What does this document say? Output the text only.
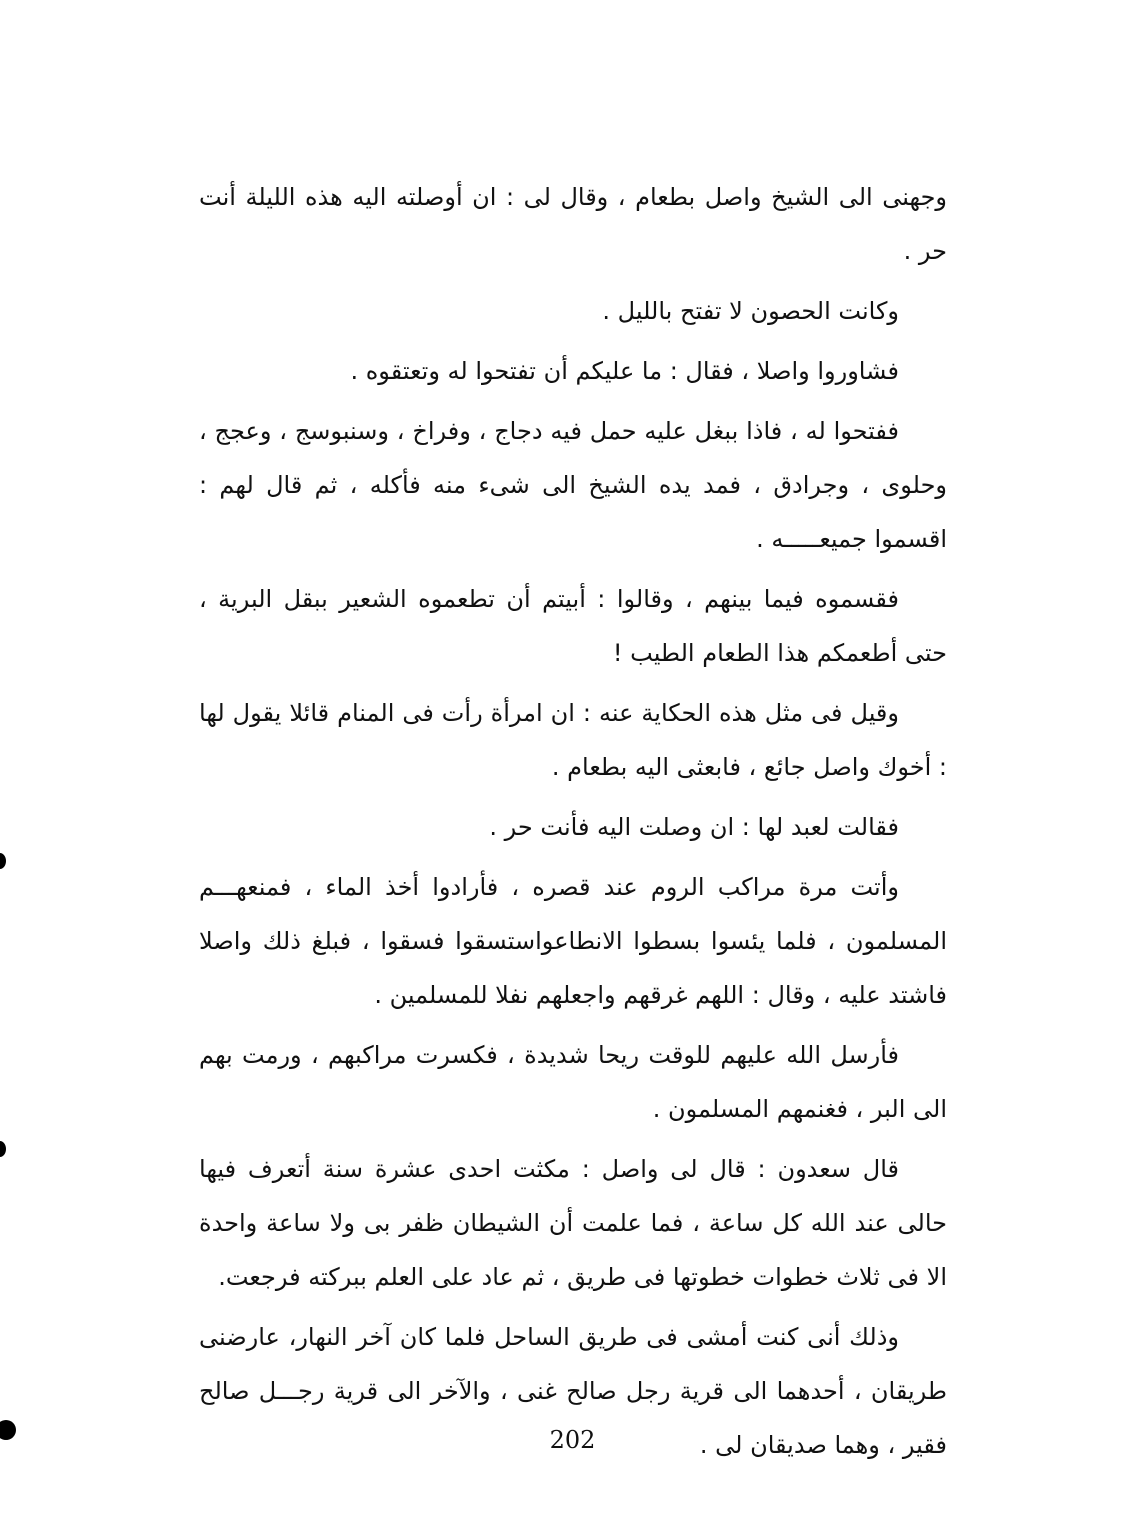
وجهنى الى الشيخ واصل بطعام ، وقال لى : ان أوصلته اليه هذه الليلة أنت حر .

وكانت الحصون لا تفتح بالليل .

فشاوروا واصلا ، فقال : ما عليكم أن تفتحوا له وتعتقوه .

ففتحوا له ، فاذا ببغل عليه حمل فيه دجاج ، وفراخ ، وسنبوسج ، وعجج ، وحلوى ، وجرادق ، فمد يده الشيخ الى شىء منه فأكله ، ثم قال لهم : اقسموا جميعـــــه .

فقسموه فيما بينهم ، وقالوا : أبيتم أن تطعموه الشعير ببقل البرية ، حتى أطعمكم هذا الطعام الطيب !

وقيل فى مثل هذه الحكاية عنه : ان امرأة رأت فى المنام قائلا يقول لها : أخوك واصل جائع ، فابعثى اليه بطعام .

فقالت لعبد لها : ان وصلت اليه فأنت حر .

وأتت مرة مراكب الروم عند قصره ، فأرادوا أخذ الماء ، فمنعهـــم المسلمون ، فلما يئسوا بسطوا الانطاعواستسقوا فسقوا ، فبلغ ذلك واصلا فاشتد عليه ، وقال : اللهم غرقهم واجعلهم نفلا للمسلمين .

فأرسل الله عليهم للوقت ريحا شديدة ، فكسرت مراكبهم ، ورمت بهم الى البر ، فغنمهم المسلمون .

قال سعدون : قال لى واصل : مكثت احدى عشرة سنة أتعرف فيها حالى عند الله كل ساعة ، فما علمت أن الشيطان ظفر بى ولا ساعة واحدة الا فى ثلاث خطوات خطوتها فى طريق ، ثم عاد على العلم ببركته فرجعت.

وذلك أنى كنت أمشى فى طريق الساحل فلما كان آخر النهار، عارضنى طريقان ، أحدهما الى قرية رجل صالح غنى ، والآخر الى قرية رجـــل صالح فقير ، وهما صديقان لى .

202
